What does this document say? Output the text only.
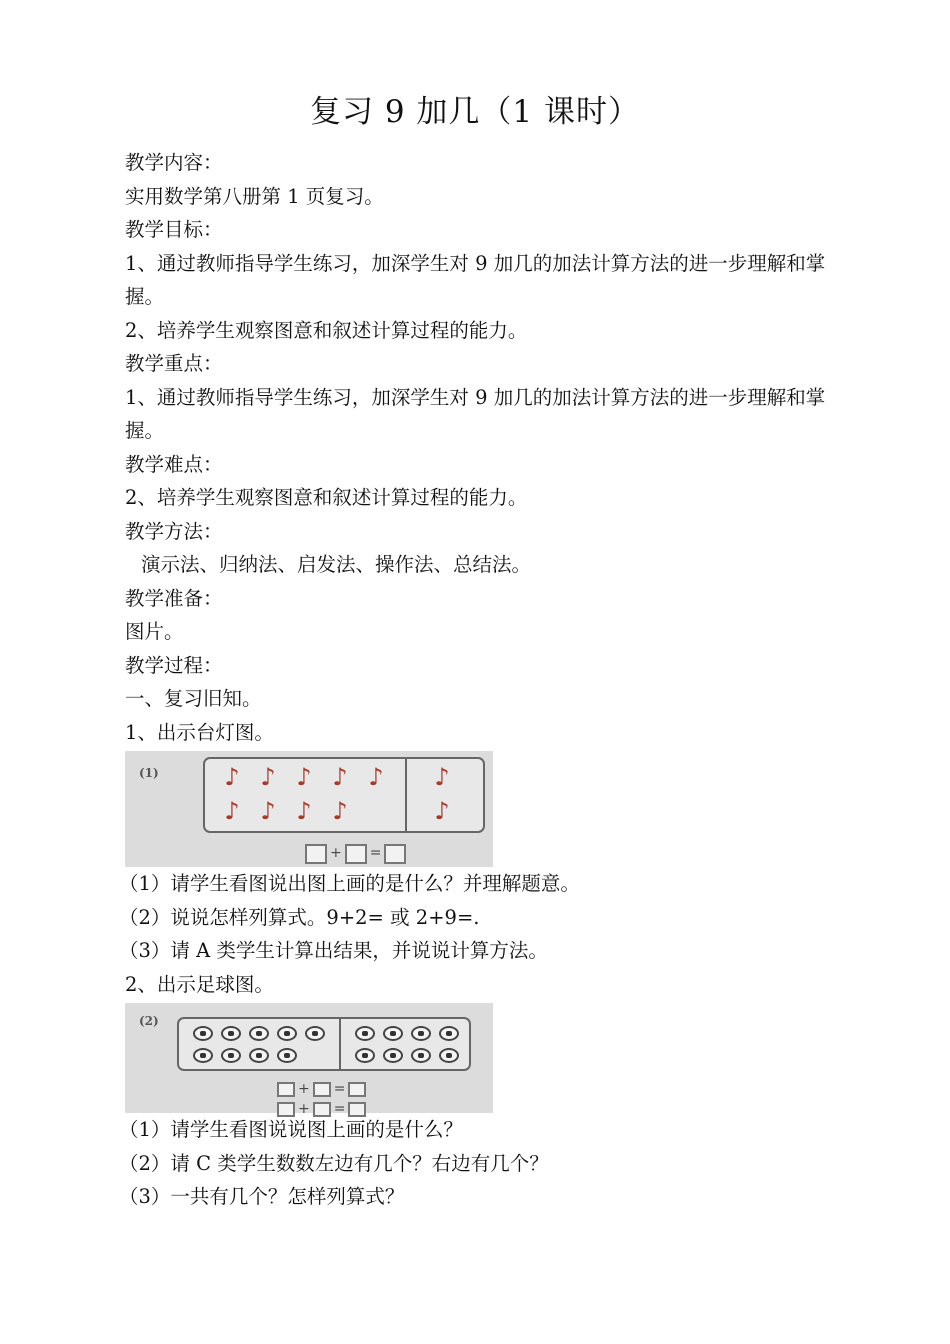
复习 9 加几（1 课时）

教学内容：

实用数学第八册第 1 页复习。

教学目标：

1、通过教师指导学生练习，加深学生对 9 加几的加法计算方法的进一步理解和掌握。

2、培养学生观察图意和叙述计算过程的能力。

教学重点：

1、通过教师指导学生练习，加深学生对 9 加几的加法计算方法的进一步理解和掌握。

教学难点：

2、培养学生观察图意和叙述计算过程的能力。

教学方法：

演示法、归纳法、启发法、操作法、总结法。

教学准备：

图片。

教学过程：

一、复习旧知。

1、出示台灯图。

(1)	♪ ♪ ♪ ♪ ♪
♪ ♪ ♪ ♪
♪
♪
+ =

（1）请学生看图说出图上画的是什么？并理解题意。

（2）说说怎样列算式。9+2= 或 2+9=.

（3）请 A 类学生计算出结果，并说说计算方法。

2、出示足球图。

(2)
+ =
+ =

（1）请学生看图说说图上画的是什么？

（2）请 C 类学生数数左边有几个？右边有几个？

（3）一共有几个？怎样列算式？
